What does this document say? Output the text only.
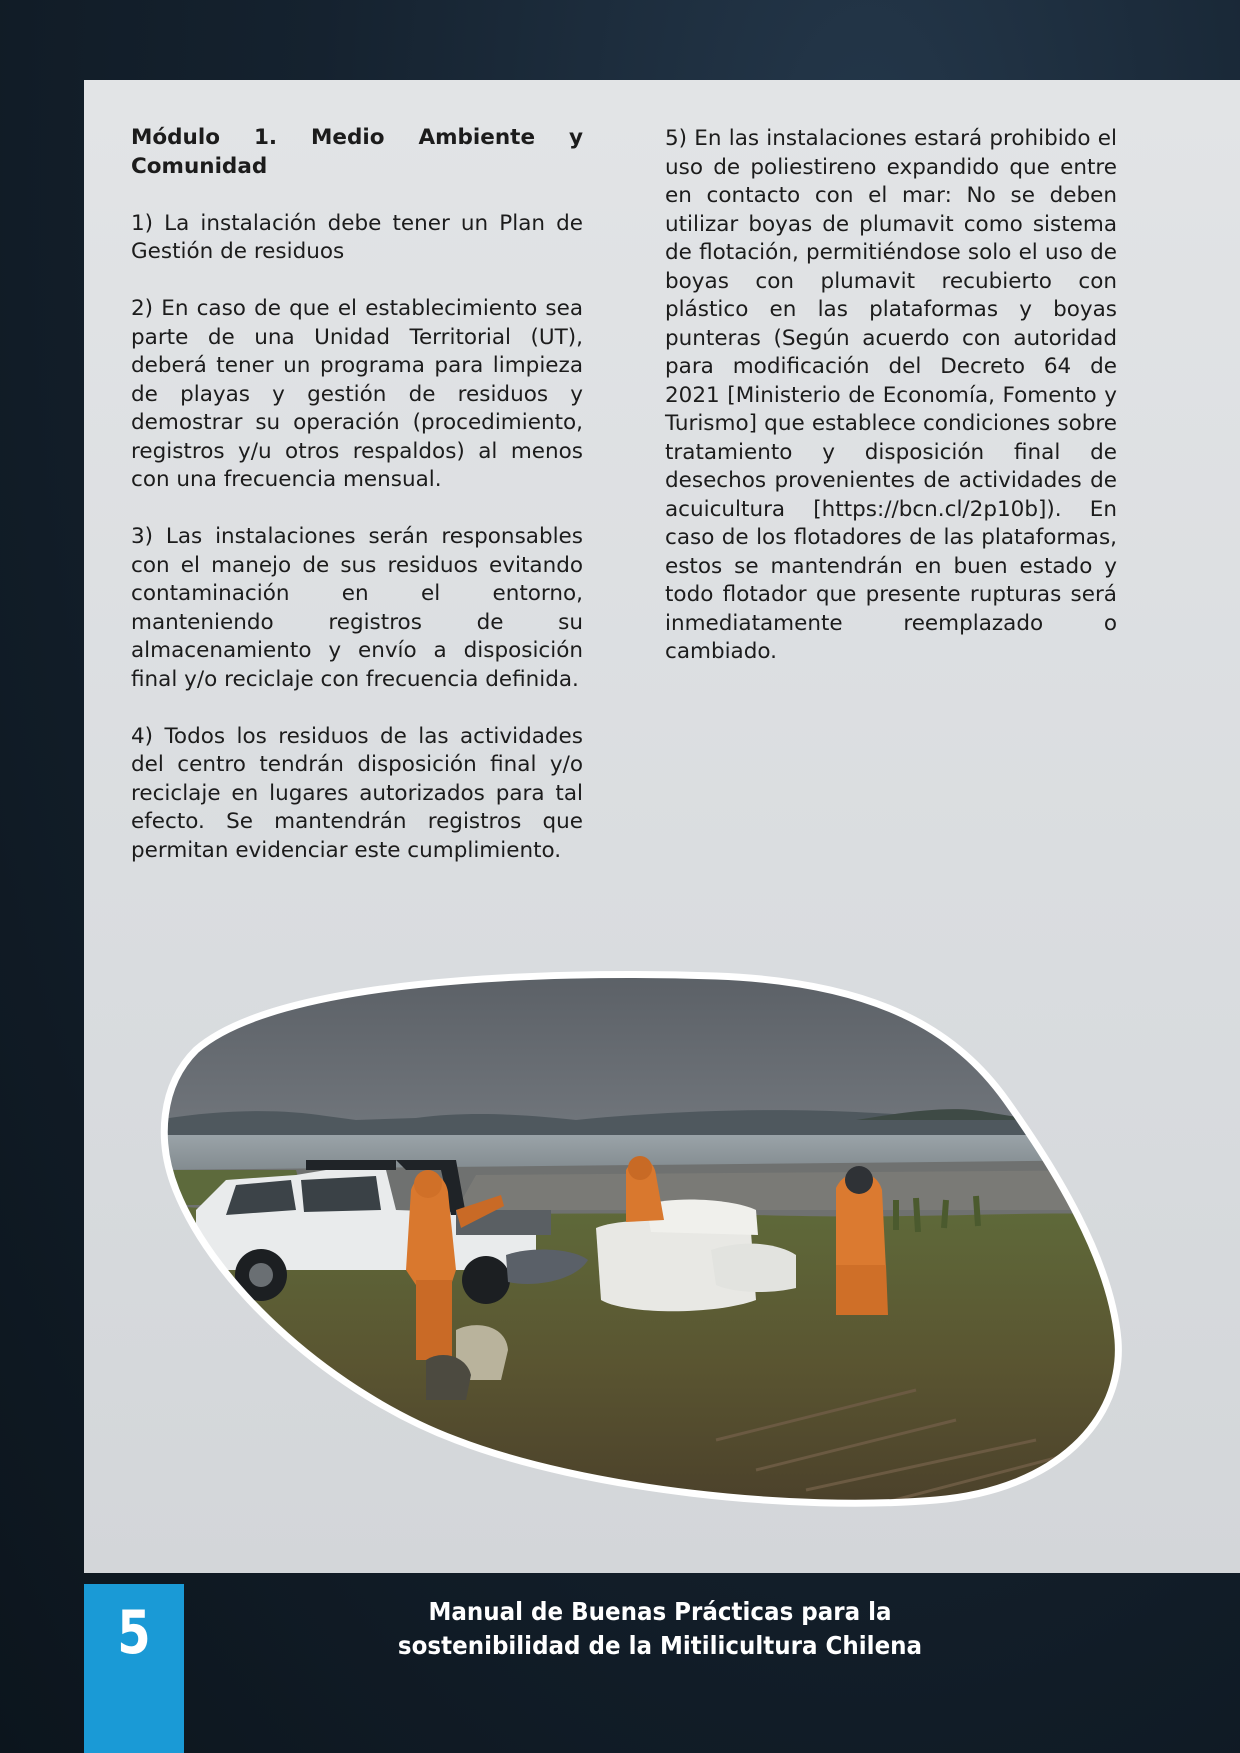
Módulo 1. Medio Ambiente y Comunidad

1) La instalación debe tener un Plan de Gestión de residuos

2) En caso de que el establecimiento sea parte de una Unidad Territorial (UT), deberá tener un programa para limpieza de playas y gestión de residuos y demostrar su operación (procedimiento, registros y/u otros respaldos) al menos con una frecuencia mensual.

3) Las instalaciones serán responsables con el manejo de sus residuos evitando contaminación en el entorno, manteniendo registros de su almacenamiento y envío a disposición final y/o reciclaje con frecuencia definida.

4) Todos los residuos de las actividades del centro tendrán disposición final y/o reciclaje en lugares autorizados para tal efecto. Se mantendrán registros que permitan evidenciar este cumplimiento.

5) En las instalaciones estará prohibido el uso de poliestireno expandido que entre en contacto con el mar: No se deben utilizar boyas de plumavit como sistema de flotación, permitiéndose solo el uso de boyas con plumavit recubierto con plástico en las plataformas y boyas punteras (Según acuerdo con autoridad para modificación del Decreto 64 de 2021 [Ministerio de Economía, Fomento y Turismo] que establece condiciones sobre tratamiento y disposición final de desechos provenientes de actividades de acuicultura [https://bcn.cl/2p10b]). En caso de los flotadores de las plataformas, estos se mantendrán en buen estado y todo flotador que presente rupturas será inmediatamente reemplazado o cambiado.

5	Manual de Buenas Prácticas para la
sostenibilidad de la Mitilicultura Chilena
